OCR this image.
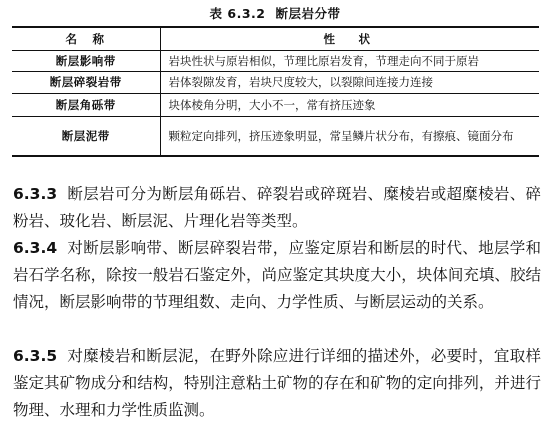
表 6.3.2 断层岩分带
名　称	性　状
断层影响带	岩块性状与原岩相似，节理比原岩发育，节理走向不同于原岩
断层碎裂岩带	岩体裂隙发育，岩块尺度较大，以裂隙间连接力连接
断层角砾带	块体棱角分明，大小不一，常有挤压迹象
断层泥带	颗粒定向排列，挤压迹象明显，常呈鳞片状分布，有擦痕、镜面分布
6.3.3 断层岩可分为断层角砾岩、碎裂岩或碎斑岩、糜棱岩或超糜棱岩、碎粉岩、玻化岩、断层泥、片理化岩等类型。
6.3.4 对断层影响带、断层碎裂岩带，应鉴定原岩和断层的时代、地层学和岩石学名称，除按一般岩石鉴定外，尚应鉴定其块度大小，块体间充填、胶结情况，断层影响带的节理组数、走向、力学性质、与断层运动的关系。
6.3.5 对糜棱岩和断层泥，在野外除应进行详细的描述外，必要时，宜取样鉴定其矿物成分和结构，特别注意粘土矿物的存在和矿物的定向排列，并进行物理、水理和力学性质监测。
